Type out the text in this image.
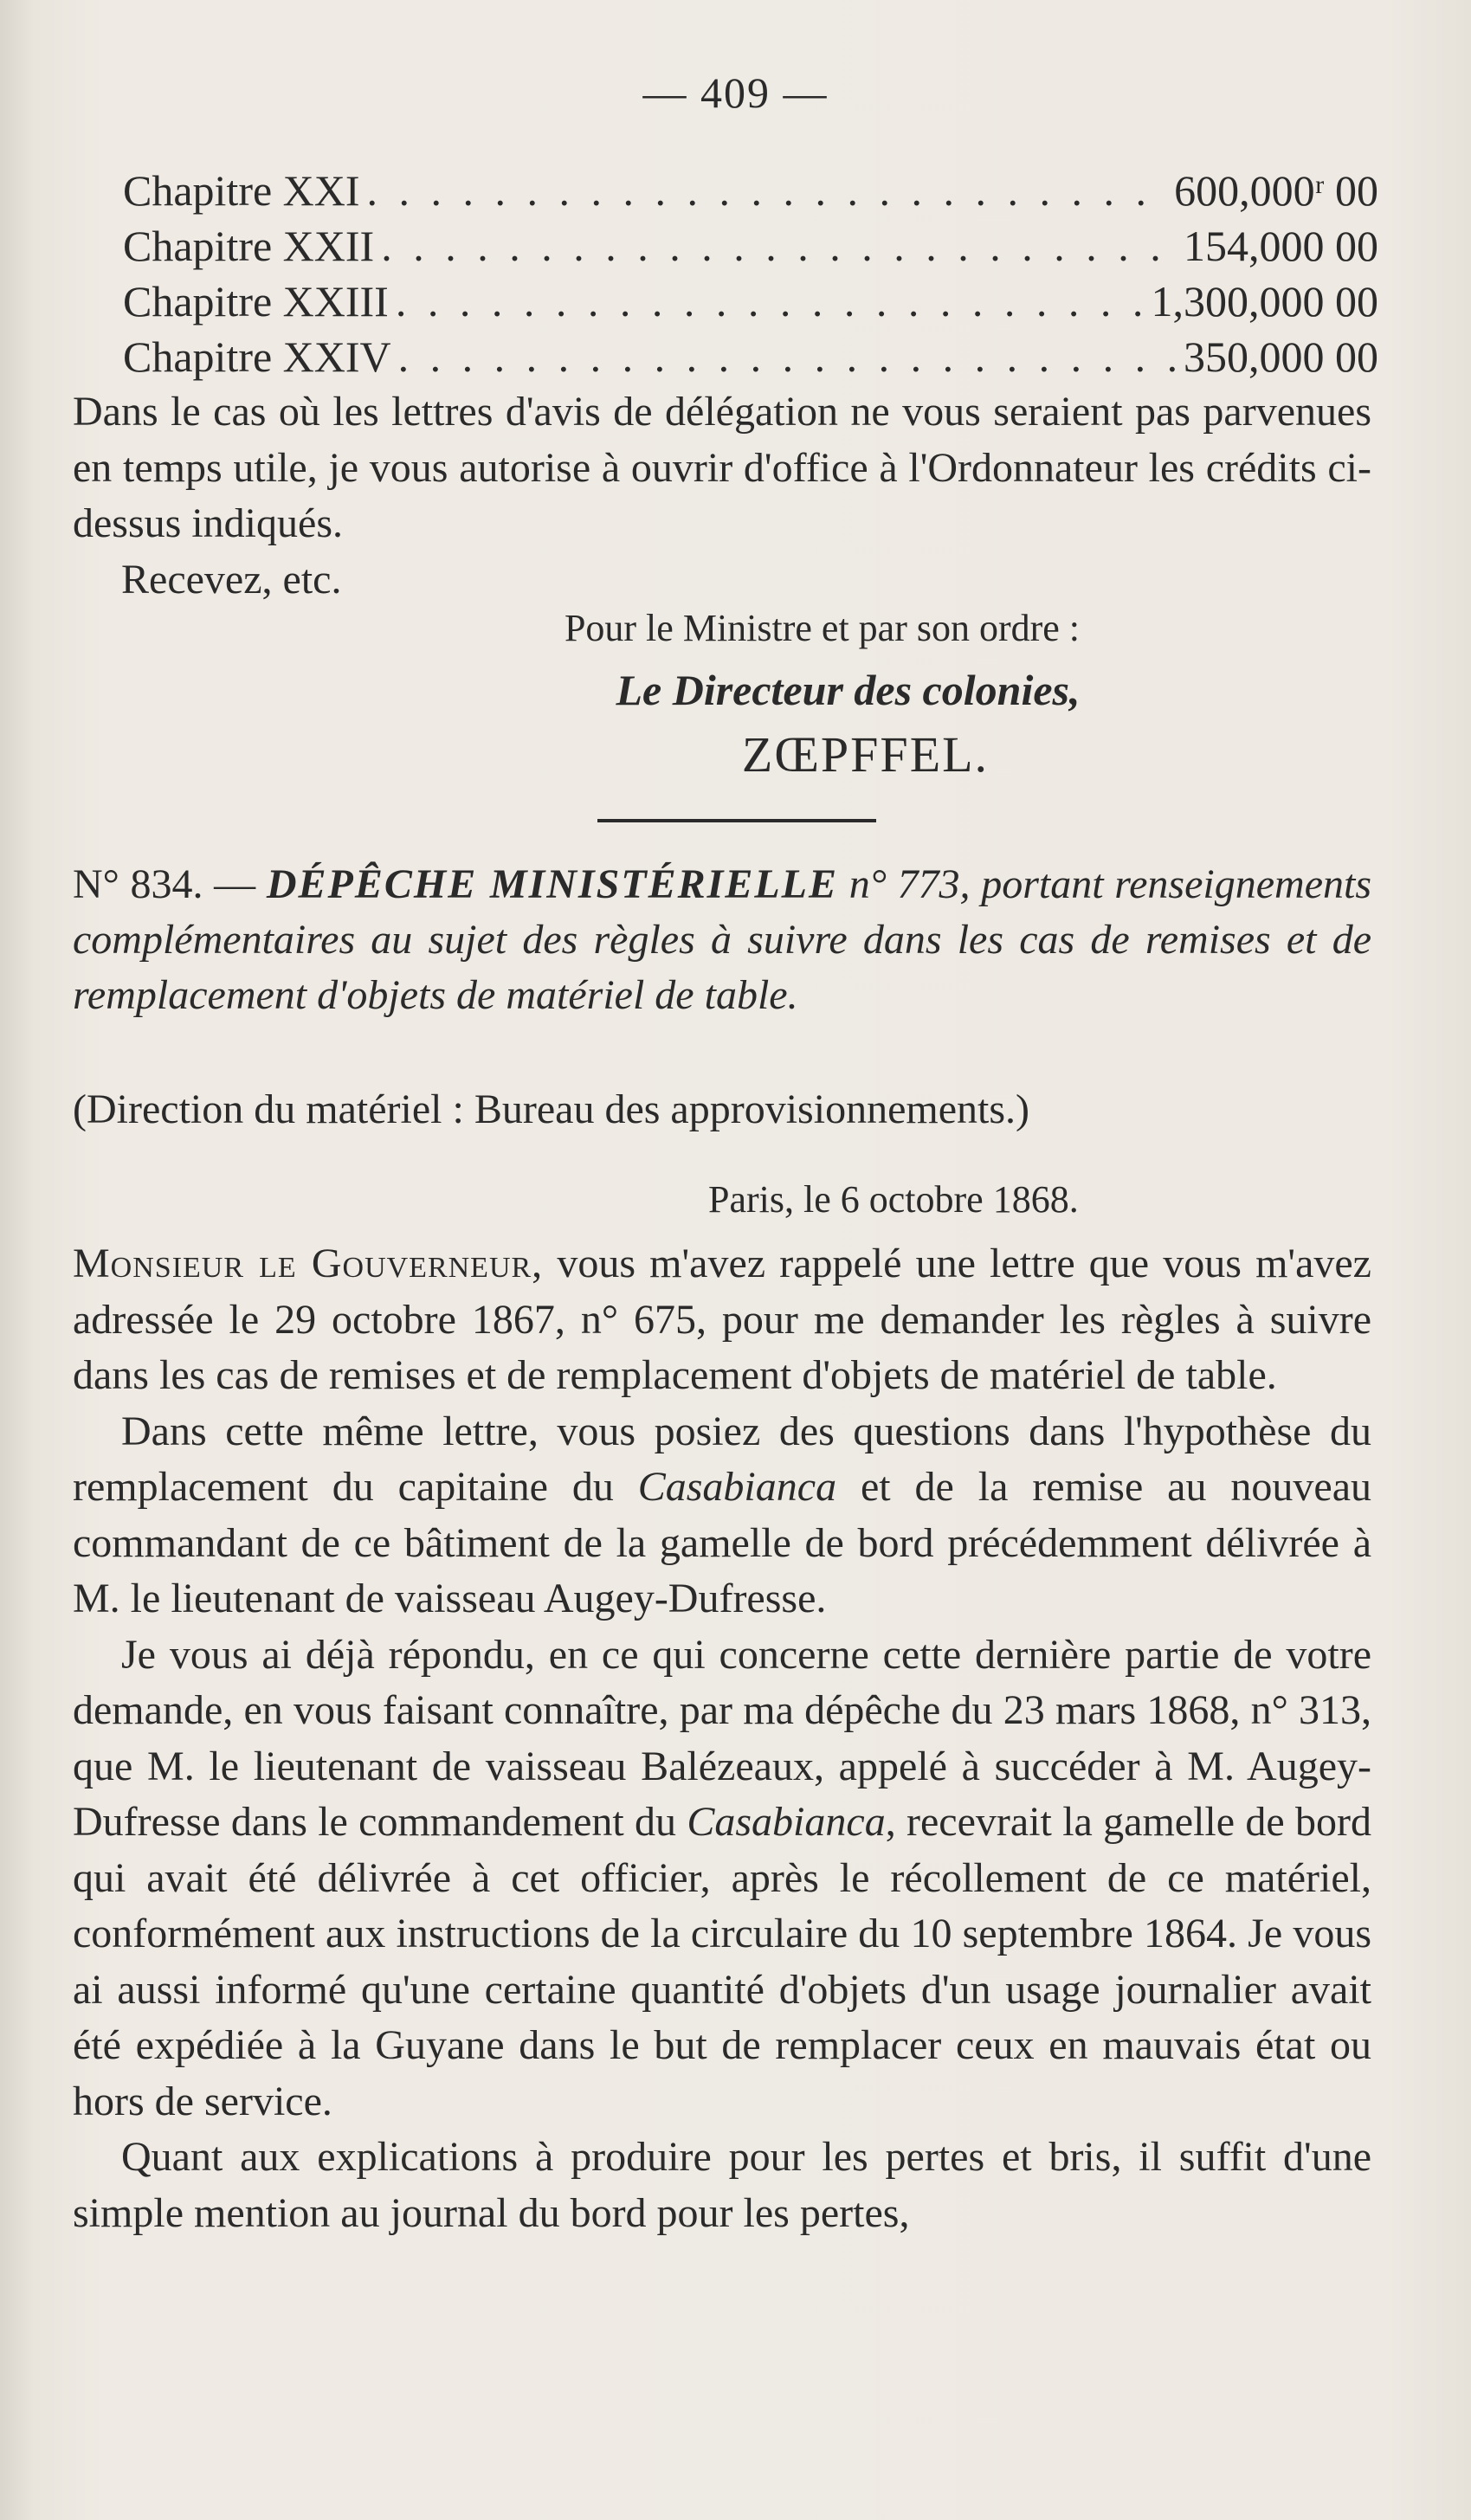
— 409 —
Chapitre XXI . . .	600,000ʳ 00
Chapitre XXII . . .	154,000 00
Chapitre XXIII . . .	1,300,000 00
Chapitre XXIV . . .	350,000 00

Dans le cas où les lettres d'avis de délégation ne vous seraient pas parvenues en temps utile, je vous autorise à ouvrir d'office à l'Ordonnateur les crédits ci-dessus indiqués.

Recevez, etc.

Pour le Ministre et par son ordre :
Le Directeur des colonies,
ZŒPFFEL.
N° 834. — DÉPÊCHE MINISTÉRIELLE n° 773, portant renseignements complémentaires au sujet des règles à suivre dans les cas de remises et de remplacement d'objets de matériel de table.
(Direction du matériel : Bureau des approvisionnements.)
Paris, le 6 octobre 1868.

Monsieur le Gouverneur, vous m'avez rappelé une lettre que vous m'avez adressée le 29 octobre 1867, n° 675, pour me demander les règles à suivre dans les cas de remises et de remplacement d'objets de matériel de table.

Dans cette même lettre, vous posiez des questions dans l'hypothèse du remplacement du capitaine du Casabianca et de la remise au nouveau commandant de ce bâtiment de la gamelle de bord précédemment délivrée à M. le lieutenant de vaisseau Augey-Dufresse.

Je vous ai déjà répondu, en ce qui concerne cette dernière partie de votre demande, en vous faisant connaître, par ma dépêche du 23 mars 1868, n° 313, que M. le lieutenant de vaisseau Balézeaux, appelé à succéder à M. Augey-Dufresse dans le commandement du Casabianca, recevrait la gamelle de bord qui avait été délivrée à cet officier, après le récollement de ce matériel, conformément aux instructions de la circulaire du 10 septembre 1864. Je vous ai aussi informé qu'une certaine quantité d'objets d'un usage journalier avait été expédiée à la Guyane dans le but de remplacer ceux en mauvais état ou hors de service.

Quant aux explications à produire pour les pertes et bris, il suffit d'une simple mention au journal du bord pour les pertes,
